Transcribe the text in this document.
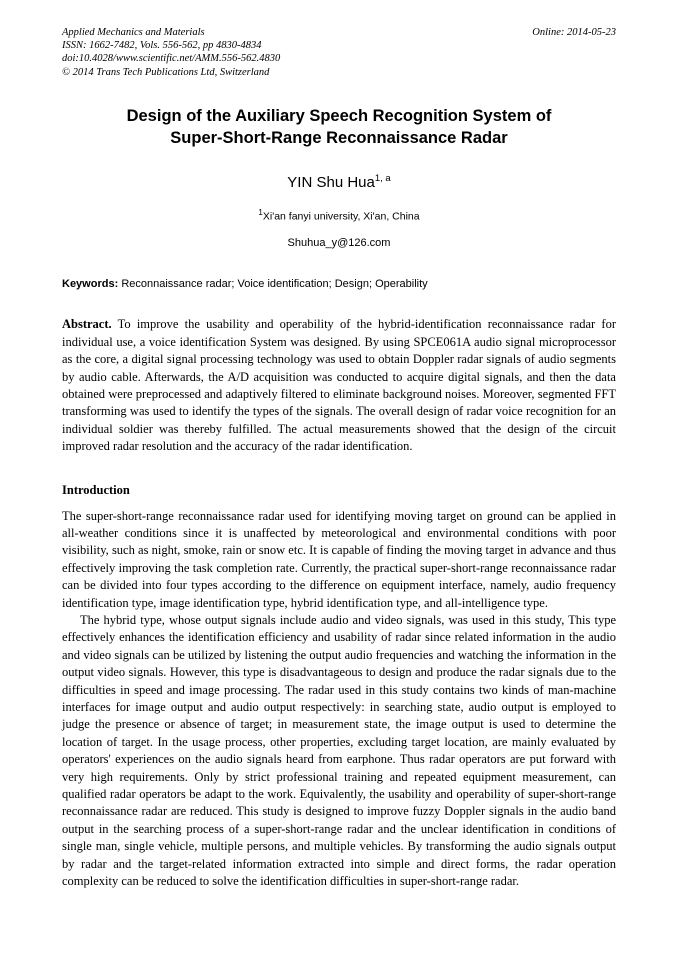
Applied Mechanics and Materials
ISSN: 1662-7482, Vols. 556-562, pp 4830-4834
doi:10.4028/www.scientific.net/AMM.556-562.4830
© 2014 Trans Tech Publications Ltd, Switzerland
Online: 2014-05-23
Design of the Auxiliary Speech Recognition System of
Super-Short-Range Reconnaissance Radar
YIN Shu Hua$^{1, a}$
$^1$Xi'an fanyi university, Xi'an, China
Shuhua_y@126.com
Keywords: Reconnaissance radar; Voice identification; Design; Operability
Abstract. To improve the usability and operability of the hybrid-identification reconnaissance radar for individual use, a voice identification System was designed. By using SPCE061A audio signal microprocessor as the core, a digital signal processing technology was used to obtain Doppler radar signals of audio segments by audio cable. Afterwards, the A/D acquisition was conducted to acquire digital signals, and then the data obtained were preprocessed and adaptively filtered to eliminate background noises. Moreover, segmented FFT transforming was used to identify the types of the signals. The overall design of radar voice recognition for an individual soldier was thereby fulfilled. The actual measurements showed that the design of the circuit improved radar resolution and the accuracy of the radar identification.
Introduction
The super-short-range reconnaissance radar used for identifying moving target on ground can be applied in all-weather conditions since it is unaffected by meteorological and environmental conditions with poor visibility, such as night, smoke, rain or snow etc. It is capable of finding the moving target in advance and thus effectively improving the task completion rate. Currently, the practical super-short-range reconnaissance radar can be divided into four types according to the difference on equipment interface, namely, audio frequency identification type, image identification type, hybrid identification type, and all-intelligence type.
The hybrid type, whose output signals include audio and video signals, was used in this study, This type effectively enhances the identification efficiency and usability of radar since related information in the audio and video signals can be utilized by listening the output audio frequencies and watching the information in the output video signals. However, this type is disadvantageous to design and produce the radar signals due to the difficulties in speed and image processing. The radar used in this study contains two kinds of man-machine interfaces for image output and audio output respectively: in searching state, audio output is employed to judge the presence or absence of target; in measurement state, the image output is used to determine the location of target. In the usage process, other properties, excluding target location, are mainly evaluated by operators' experiences on the audio signals heard from earphone. Thus radar operators are put forward with very high requirements. Only by strict professional training and repeated equipment measurement, can qualified radar operators be adapt to the work. Equivalently, the usability and operability of super-short-range reconnaissance radar are reduced. This study is designed to improve fuzzy Doppler signals in the audio band output in the searching process of a super-short-range radar and the unclear identification in conditions of single man, single vehicle, multiple persons, and multiple vehicles. By transforming the audio signals output by radar and the target-related information extracted into simple and direct forms, the radar operation complexity can be reduced to solve the identification difficulties in super-short-range radar.
